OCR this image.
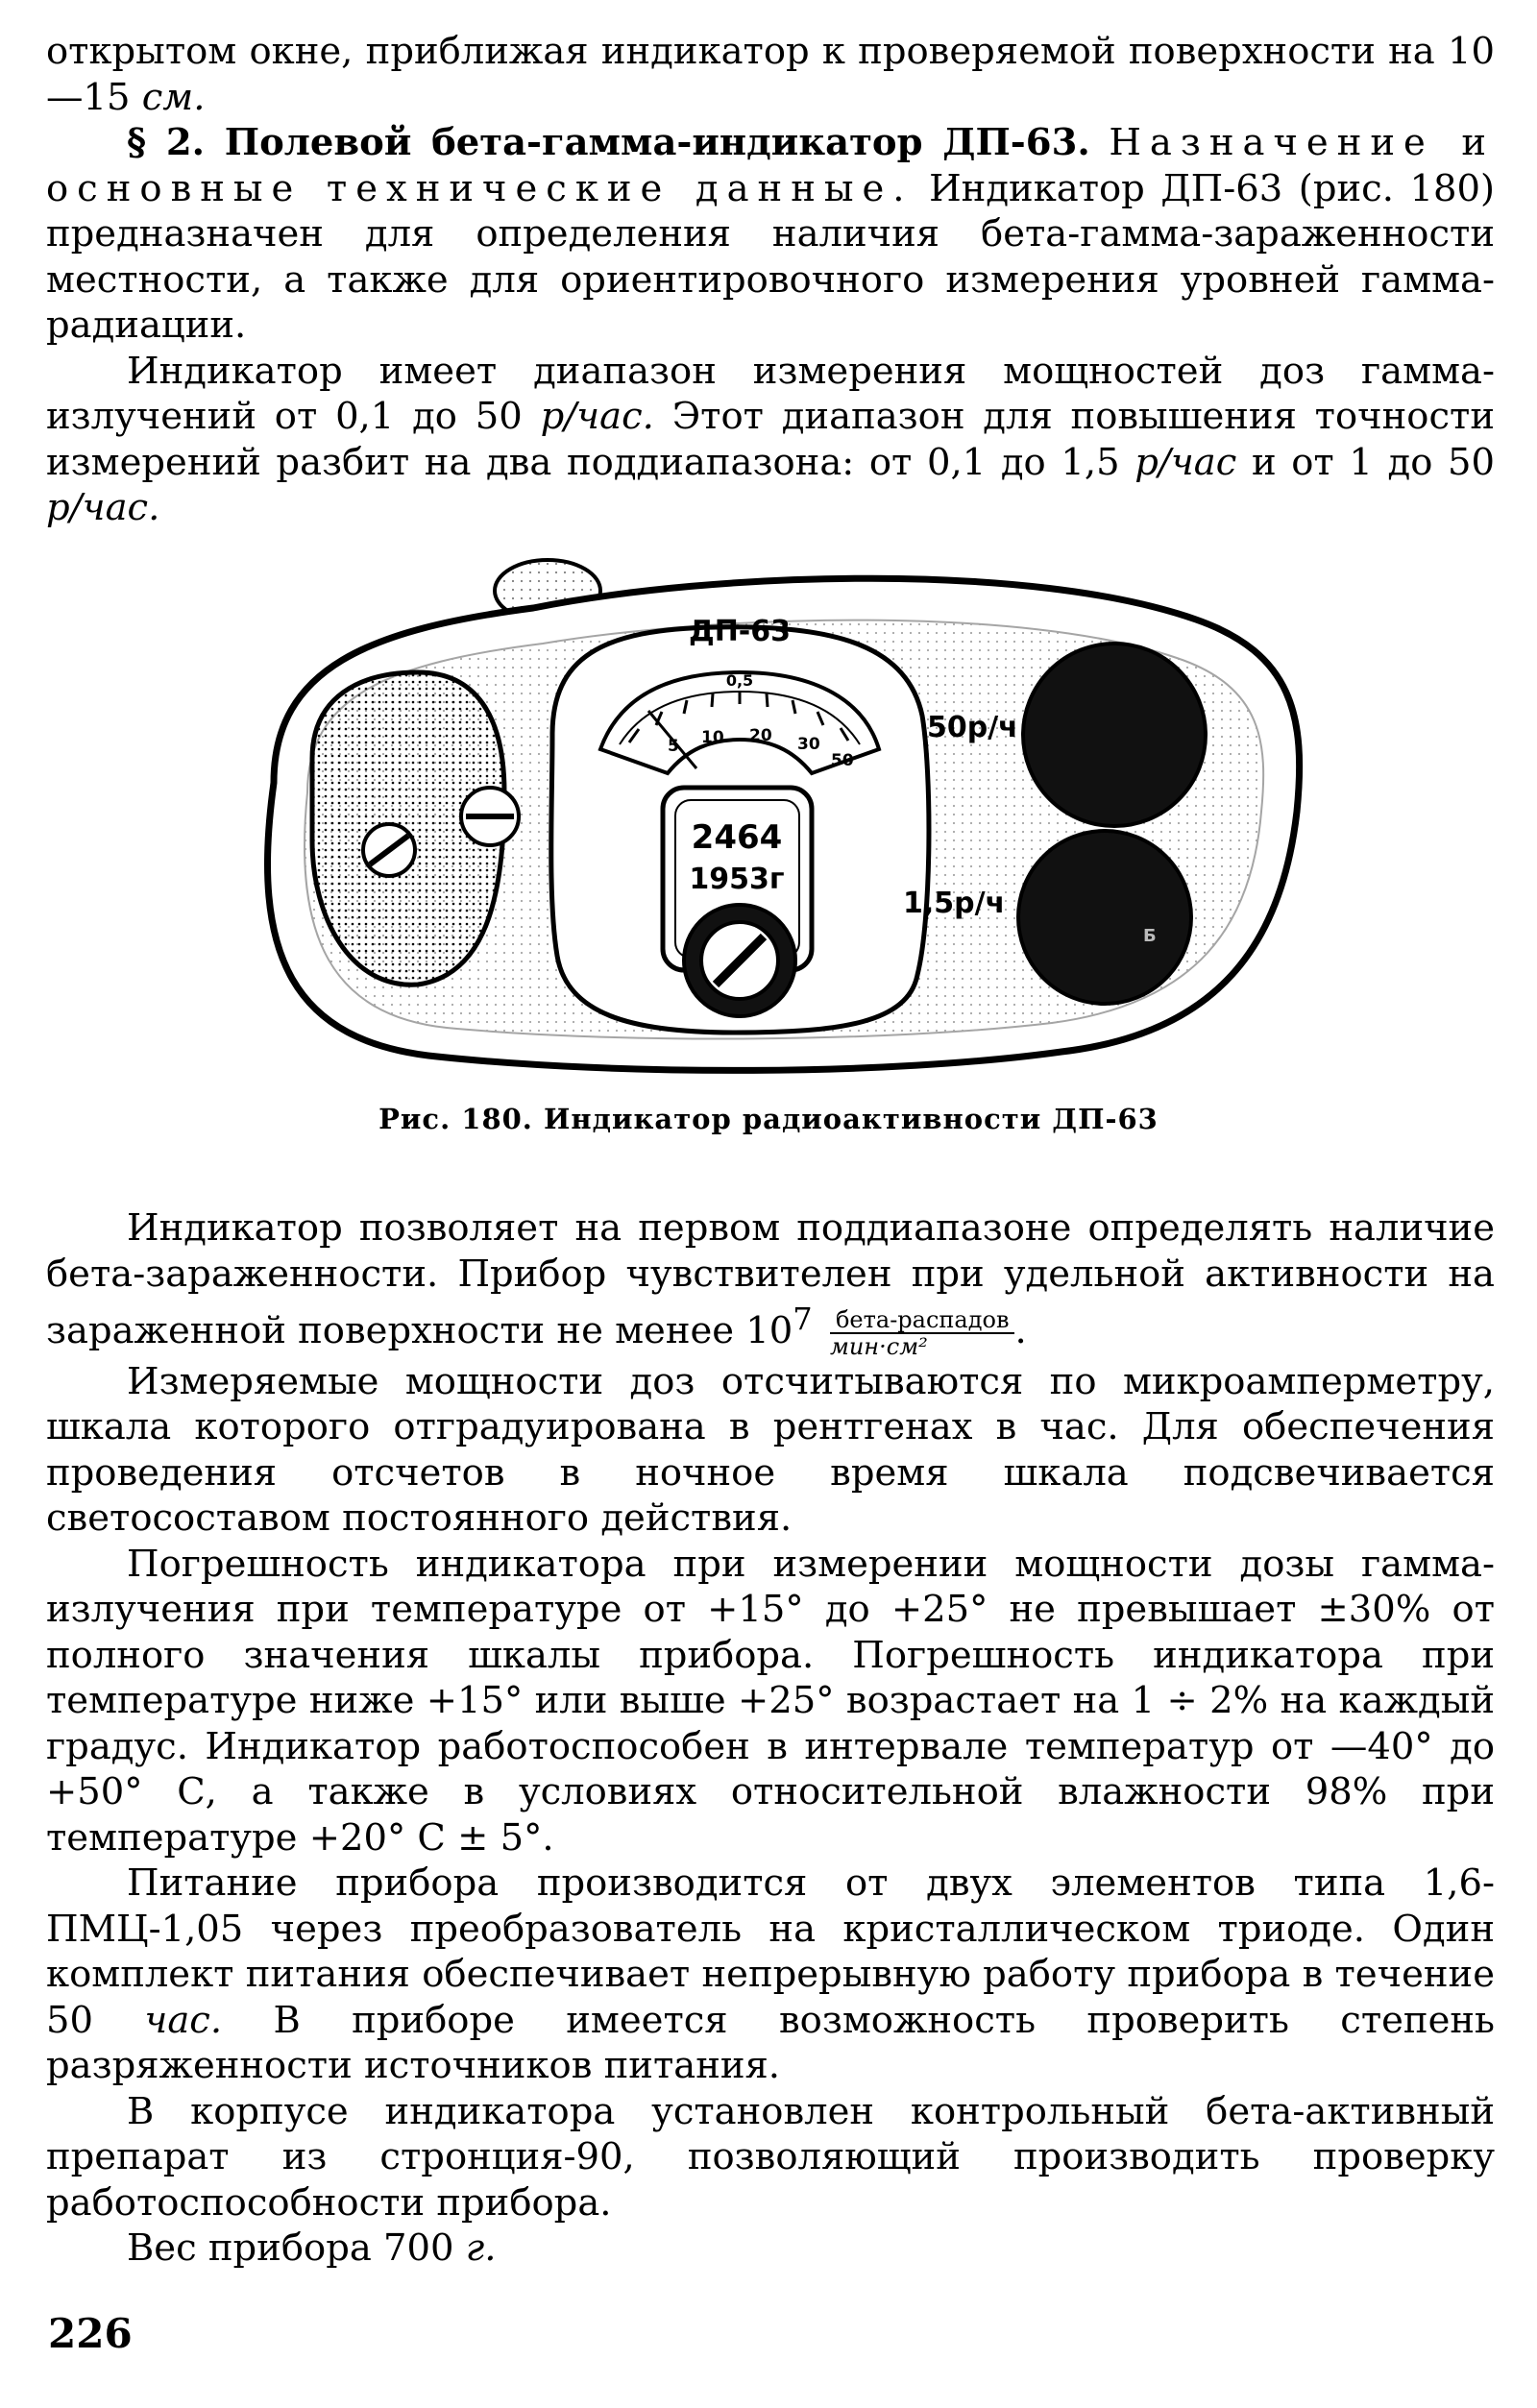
открытом окне, приближая индикатор к проверяемой поверхности на 10—15 см.

§ 2. Полевой бета-гамма-индикатор ДП-63. Назначение и основные технические данные. Индикатор ДП-63 (рис. 180) предназначен для определения наличия бета-гамма-зараженности местности, а также для ориентировочного измерения уровней гамма-радиации.

Индикатор имеет диапазон измерения мощностей доз гамма-излучений от 0,1 до 50 р/час. Этот диапазон для повышения точности измерений разбит на два поддиапазона: от 0,1 до 1,5 р/час и от 1 до 50 р/час.

ДП-63
0,5
5 10 20 30
50
2464
1953г
50р/ч
1,5р/ч
Б
Рис. 180. Индикатор радиоактивности ДП-63

Индикатор позволяет на первом поддиапазоне определять наличие бета-зараженности. Прибор чувствителен при удельной активности на зараженной поверхности не менее $10^7 \frac{\text{бета-распадов}}{\text{мин·см²}}$ .

Измеряемые мощности доз отсчитываются по микроамперметру, шкала которого отградуирована в рентгенах в час. Для обеспечения проведения отсчетов в ночное время шкала подсвечивается светосоставом постоянного действия.

Погрешность индикатора при измерении мощности дозы гамма-излучения при температуре от +15° до +25° не превышает ±30% от полного значения шкалы прибора. Погрешность индикатора при температуре ниже +15° или выше +25° возрастает на 1 ÷ 2% на каждый градус. Индикатор работоспособен в интервале температур от —40° до +50° С, а также в условиях относительной влажности 98% при температуре +20° С ± 5°.

Питание прибора производится от двух элементов типа 1,6-ПМЦ-1,05 через преобразователь на кристаллическом триоде. Один комплект питания обеспечивает непрерывную работу прибора в течение 50 час. В приборе имеется возможность проверить степень разряженности источников питания.

В корпусе индикатора установлен контрольный бета-активный препарат из стронция-90, позволяющий производить проверку работоспособности прибора.

Вес прибора 700 г.

226
